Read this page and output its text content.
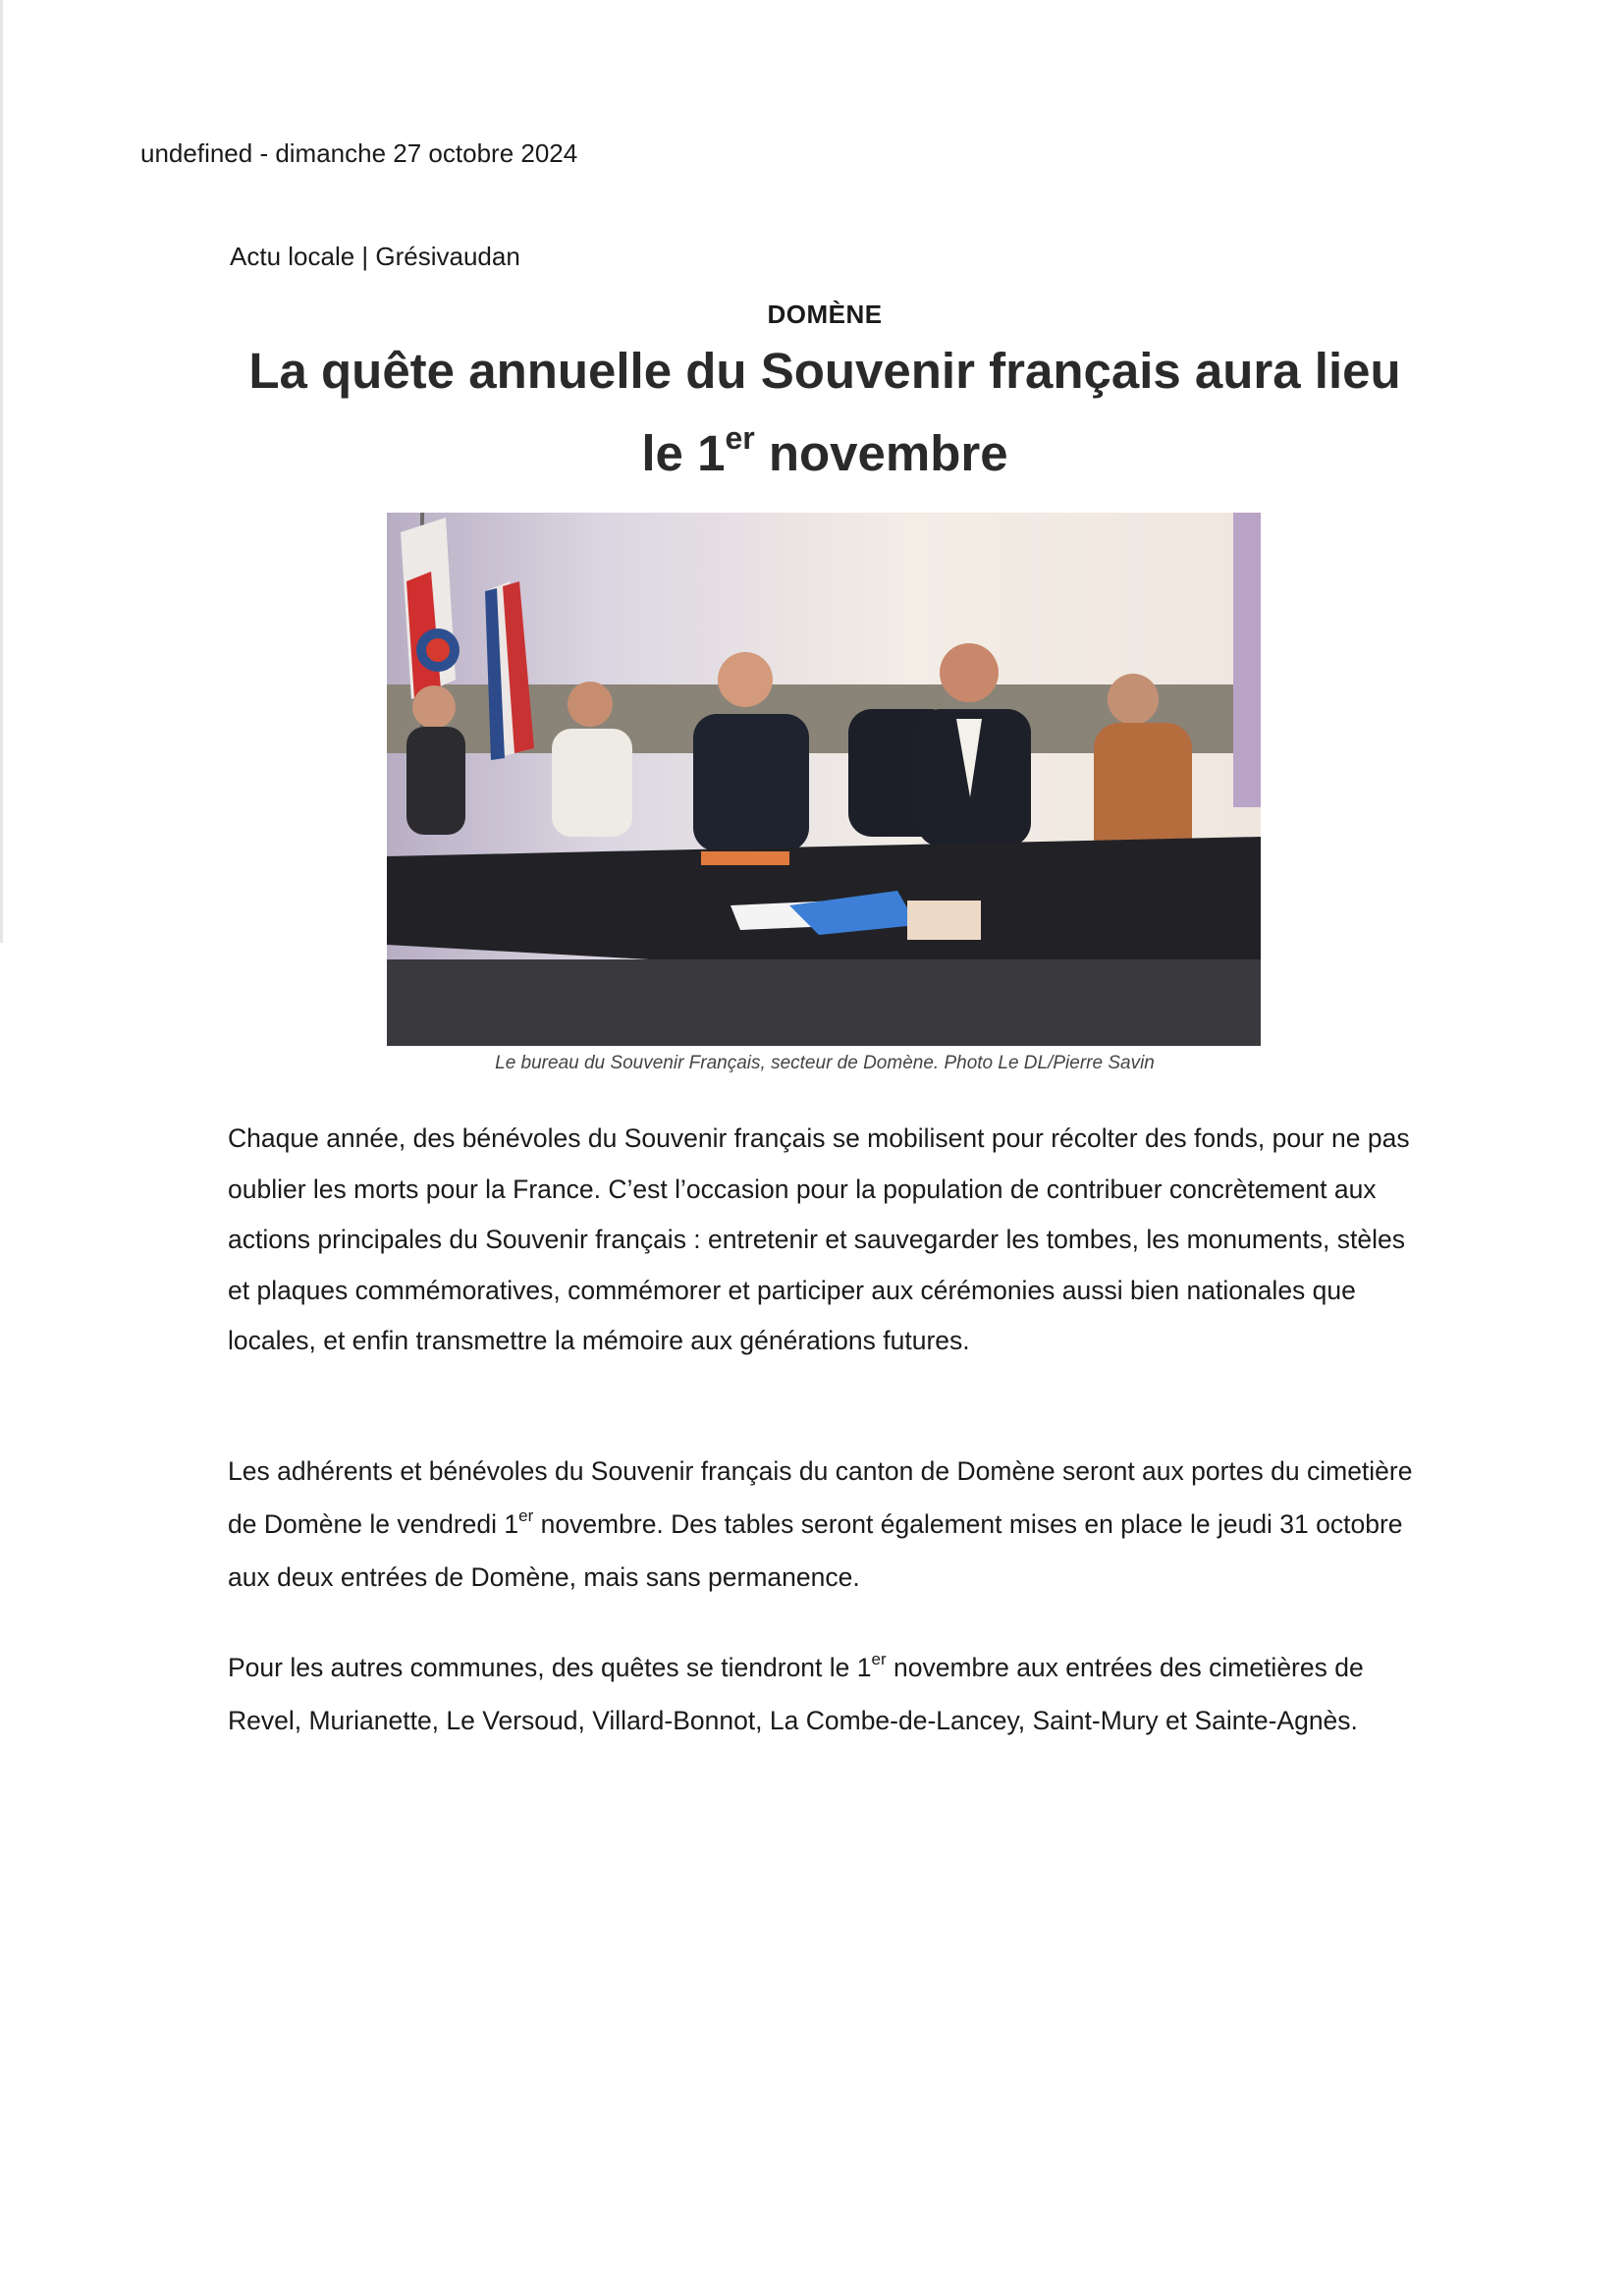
undefined - dimanche 27 octobre 2024
Actu locale | Grésivaudan
DOMÈNE
La quête annuelle du Souvenir français aura lieu le 1er novembre
Le bureau du Souvenir Français, secteur de Domène. Photo Le DL/Pierre Savin

Chaque année, des bénévoles du Souvenir français se mobilisent pour récolter des fonds, pour ne pas oublier les morts pour la France. C’est l’occasion pour la population de contribuer concrètement aux actions principales du Souvenir français : entretenir et sauvegarder les tombes, les monuments, stèles et plaques commémoratives, commémorer et participer aux cérémonies aussi bien nationales que locales, et enfin transmettre la mémoire aux générations futures.

Les adhérents et bénévoles du Souvenir français du canton de Domène seront aux portes du cimetière de Domène le vendredi 1er novembre. Des tables seront également mises en place le jeudi 31 octobre aux deux entrées de Domène, mais sans permanence.

Pour les autres communes, des quêtes se tiendront le 1er novembre aux entrées des cimetières de Revel, Murianette, Le Versoud, Villard-Bonnot, La Combe-de-Lancey, Saint-Mury et Sainte-Agnès.
